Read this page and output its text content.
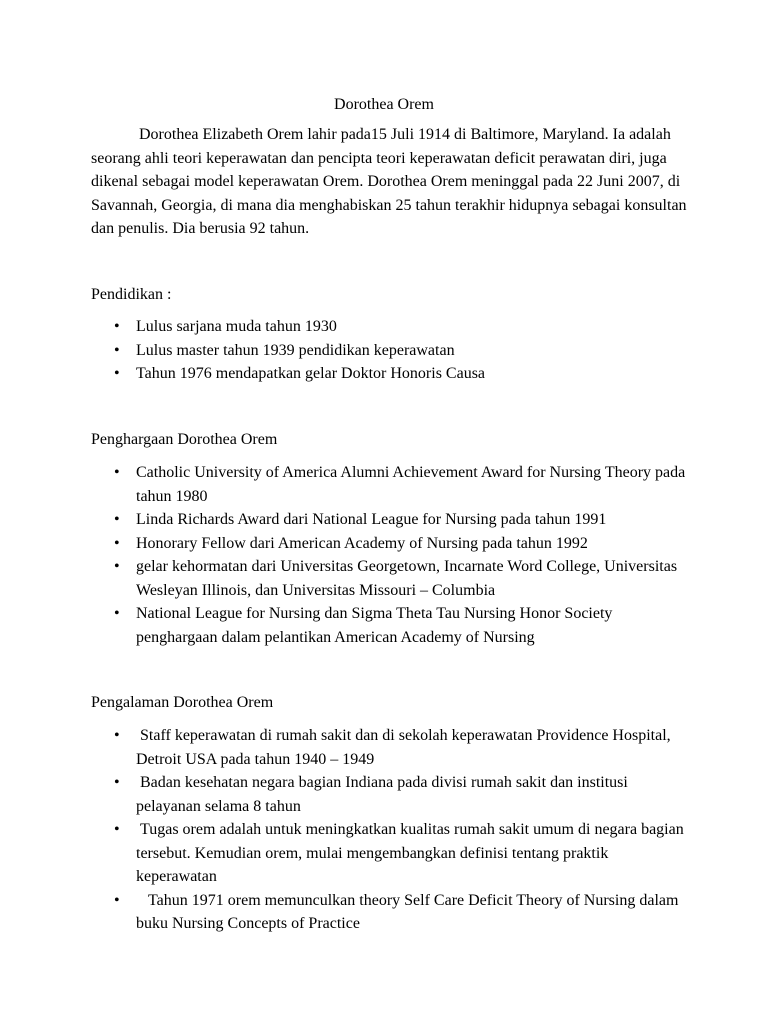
Dorothea Orem

Dorothea Elizabeth Orem lahir pada15 Juli 1914 di Baltimore, Maryland. Ia adalah seorang ahli teori keperawatan dan pencipta teori keperawatan deficit perawatan diri, juga dikenal sebagai model keperawatan Orem. Dorothea Orem meninggal pada 22 Juni 2007, di Savannah, Georgia, di mana dia menghabiskan 25 tahun terakhir hidupnya sebagai konsultan dan penulis. Dia berusia 92 tahun.

Pendidikan :
• Lulus sarjana muda tahun 1930
• Lulus master tahun 1939 pendidikan keperawatan
• Tahun 1976 mendapatkan gelar Doktor Honoris Causa
Penghargaan Dorothea Orem
• Catholic University of America Alumni Achievement Award for Nursing Theory pada tahun 1980
• Linda Richards Award dari National League for Nursing pada tahun 1991
• Honorary Fellow dari American Academy of Nursing pada tahun 1992
• gelar kehormatan dari Universitas Georgetown, Incarnate Word College, Universitas Wesleyan Illinois, dan Universitas Missouri – Columbia
• National League for Nursing dan Sigma Theta Tau Nursing Honor Society penghargaan dalam pelantikan American Academy of Nursing
Pengalaman Dorothea Orem
• Staff keperawatan di rumah sakit dan di sekolah keperawatan Providence Hospital, Detroit USA pada tahun 1940 – 1949
• Badan kesehatan negara bagian Indiana pada divisi rumah sakit dan institusi pelayanan selama 8 tahun
• Tugas orem adalah untuk meningkatkan kualitas rumah sakit umum di negara bagian tersebut. Kemudian orem, mulai mengembangkan definisi tentang praktik keperawatan
• Tahun 1971 orem memunculkan theory Self Care Deficit Theory of Nursing dalam buku Nursing Concepts of Practice
